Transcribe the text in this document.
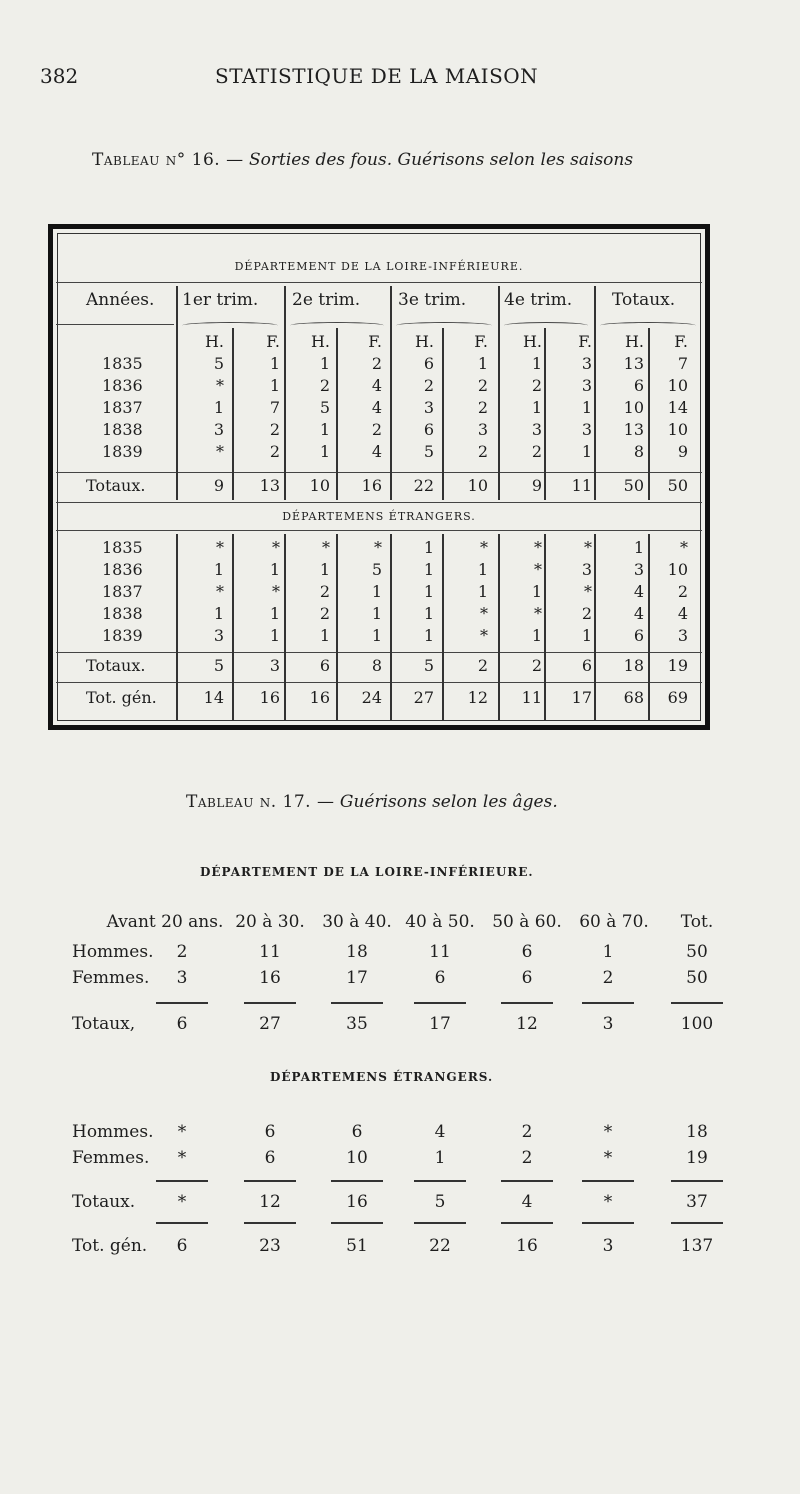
382	STATISTIQUE DE LA MAISON
Tableau n° 16. — Sorties des fous. Guérisons selon les saisons
DÉPARTEMENT DE LA LOIRE-INFÉRIEURE.
Années. 1er trim. 2e trim. 3e trim. 4e trim. Totaux.
H.	F.	H.	F.	H.	F.	H.	F.	H.	F.
1835	5	1	1	2	6	1	1	3	13	7
1836	*	1	2	4	2	2	2	3	6	10
1837	1	7	5	4	3	2	1	1	10	14
1838	3	2	1	2	6	3	3	3	13	10
1839	*	2	1	4	5	2	2	1	8	9
Totaux.	9	13	10	16	22	10	9	11	50	50
DÉPARTEMENS ÉTRANGERS.
1835	*	*	*	*	1	*	*	*	1	*
1836	1	1	1	5	1	1	*	3	3	10
1837	*	*	2	1	1	1	1	*	4	2
1838	1	1	2	1	1	*	*	2	4	4
1839	3	1	1	1	1	*	1	1	6	3
Totaux.	5	3	6	8	5	2	2	6	18	19
Tot. gén.	14	16	16	24	27	12	11	17	68	69
Tableau n. 17. — Guérisons selon les âges.
DÉPARTEMENT DE LA LOIRE-INFÉRIEURE.
DÉPARTEMENS ÉTRANGERS.
Avant 20 ans. 20 à 30. 30 à 40. 40 à 50. 50 à 60. 60 à 70. Tot.
Hommes. 2	11	18	11	6	1	50
Femmes. 3	16	17	6	6	2	50
Totaux, 6	27	35	17	12	3	100
Hommes. *	6	6	4	2	*	18
Femmes. *	6	10	1	2	*	19
Totaux.	*	12	16	5	4	*	37
Tot. gén. 6	23	51	22	16	3	137
